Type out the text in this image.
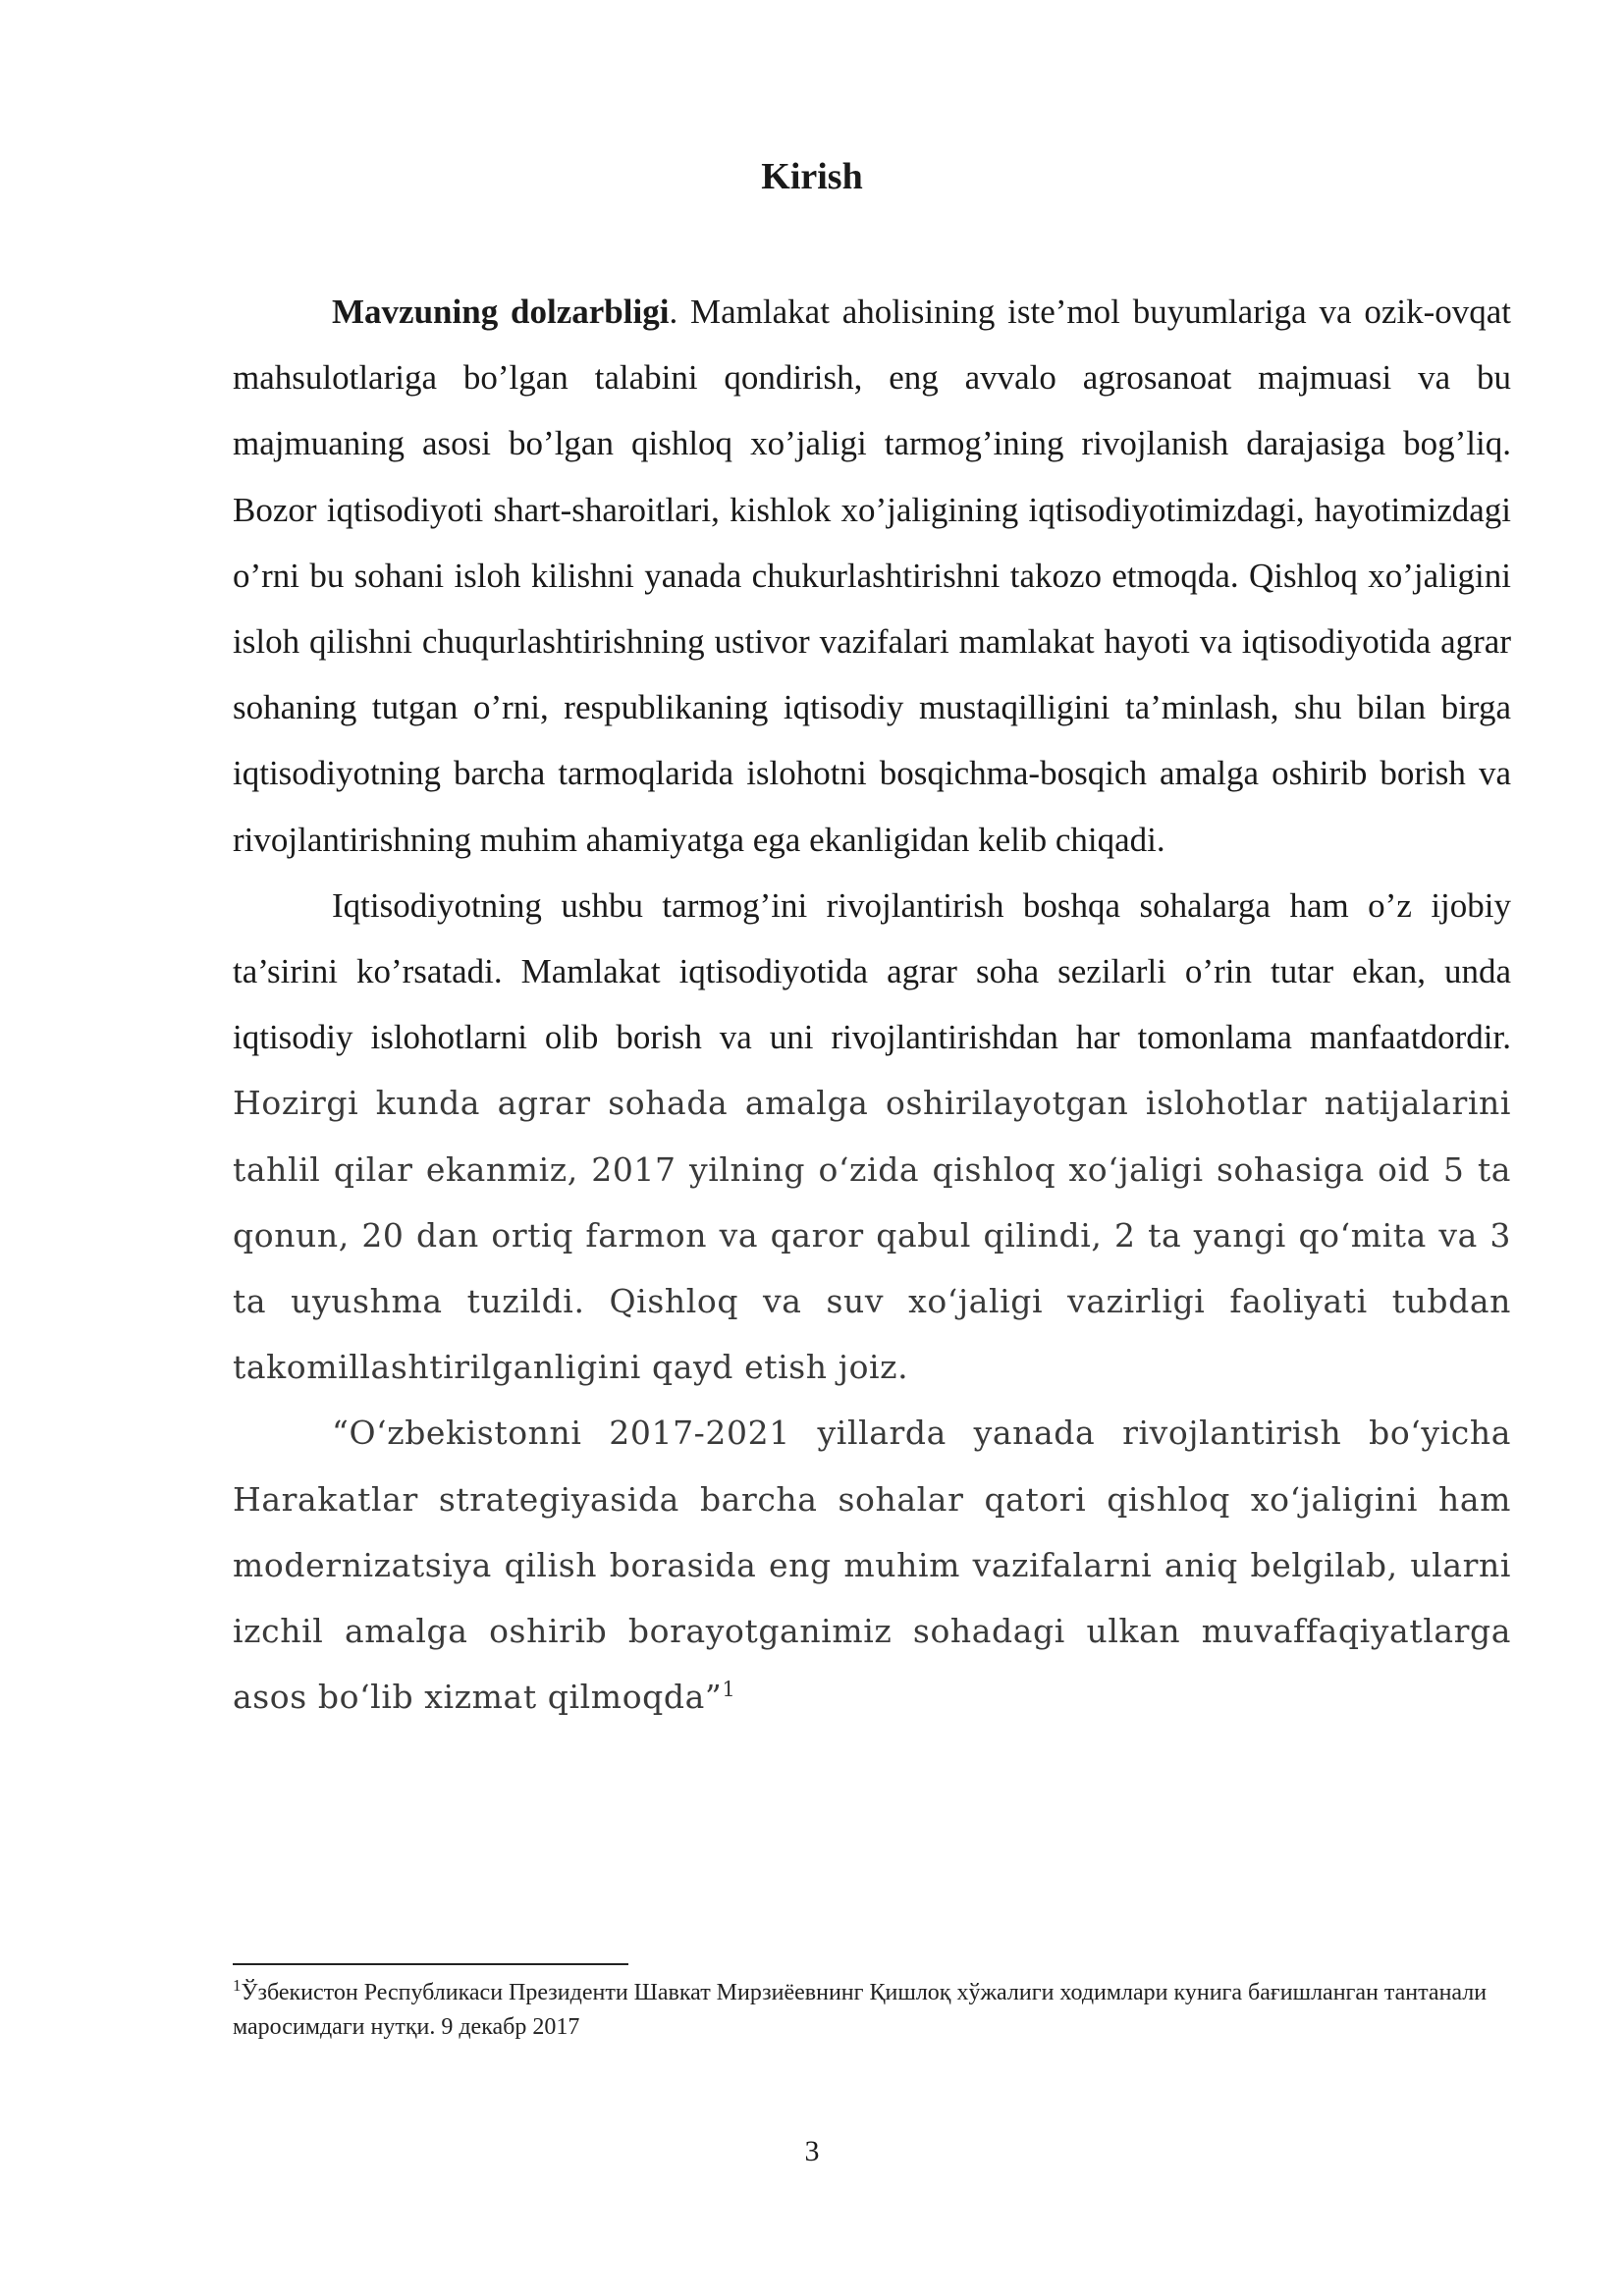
Kirish

Mavzuning dolzarbligi. Mamlakat aholisining iste’mol buyumlariga va ozik-ovqat mahsulotlariga bo’lgan talabini qondirish, eng avvalo agrosanoat majmuasi va bu majmuaning asosi bo’lgan qishloq xo’jaligi tarmog’ining rivojlanish darajasiga bog’liq. Bozor iqtisodiyoti shart-sharoitlari, kishlok xo’jaligining iqtisodiyotimizdagi, hayotimizdagi o’rni bu sohani isloh kilishni yanada chukurlashtirishni takozo etmoqda. Qishloq xo’jaligini isloh qilishni chuqurlashtirishning ustivor vazifalari mamlakat hayoti va iqtisodiyotida agrar sohaning tutgan o’rni, respublikaning iqtisodiy mustaqilligini ta’minlash, shu bilan birga iqtisodiyotning barcha tarmoqlarida islohotni bosqichma-bosqich amalga oshirib borish va rivojlantirishning muhim ahamiyatga ega ekanligidan kelib chiqadi.

Iqtisodiyotning ushbu tarmog’ini rivojlantirish boshqa sohalarga ham o’z ijobiy ta’sirini ko’rsatadi. Mamlakat iqtisodiyotida agrar soha sezilarli o’rin tutar ekan, unda iqtisodiy islohotlarni olib borish va uni rivojlantirishdan har tomonlama manfaatdordir. Hozirgi kunda agrar sohada amalga oshirilayotgan islohotlar natijalarini tahlil qilar ekanmiz, 2017 yilning o‘zida qishloq xo‘jaligi sohasiga oid 5 ta qonun, 20 dan ortiq farmon va qaror qabul qilindi, 2 ta yangi qo‘mita va 3 ta uyushma tuzildi. Qishloq va suv xo‘jaligi vazirligi faoliyati tubdan takomillashtirilganligini qayd etish joiz.

“O‘zbekistonni 2017-2021 yillarda yanada rivojlantirish bo‘yicha Harakatlar strategiyasida barcha sohalar qatori qishloq xo‘jaligini ham modernizatsiya qilish borasida eng muhim vazifalarni aniq belgilab, ularni izchil amalga oshirib borayotganimiz sohadagi ulkan muvaffaqiyatlarga asos bo‘lib xizmat qilmoqda”$^1$

$^1$Ўзбекистон Республикаси Президенти Шавкат Мирзиёевнинг Қишлоқ хўжалиги ходимлари кунига бағишланган тантанали маросимдаги нутқи. 9 декабр 2017
3
